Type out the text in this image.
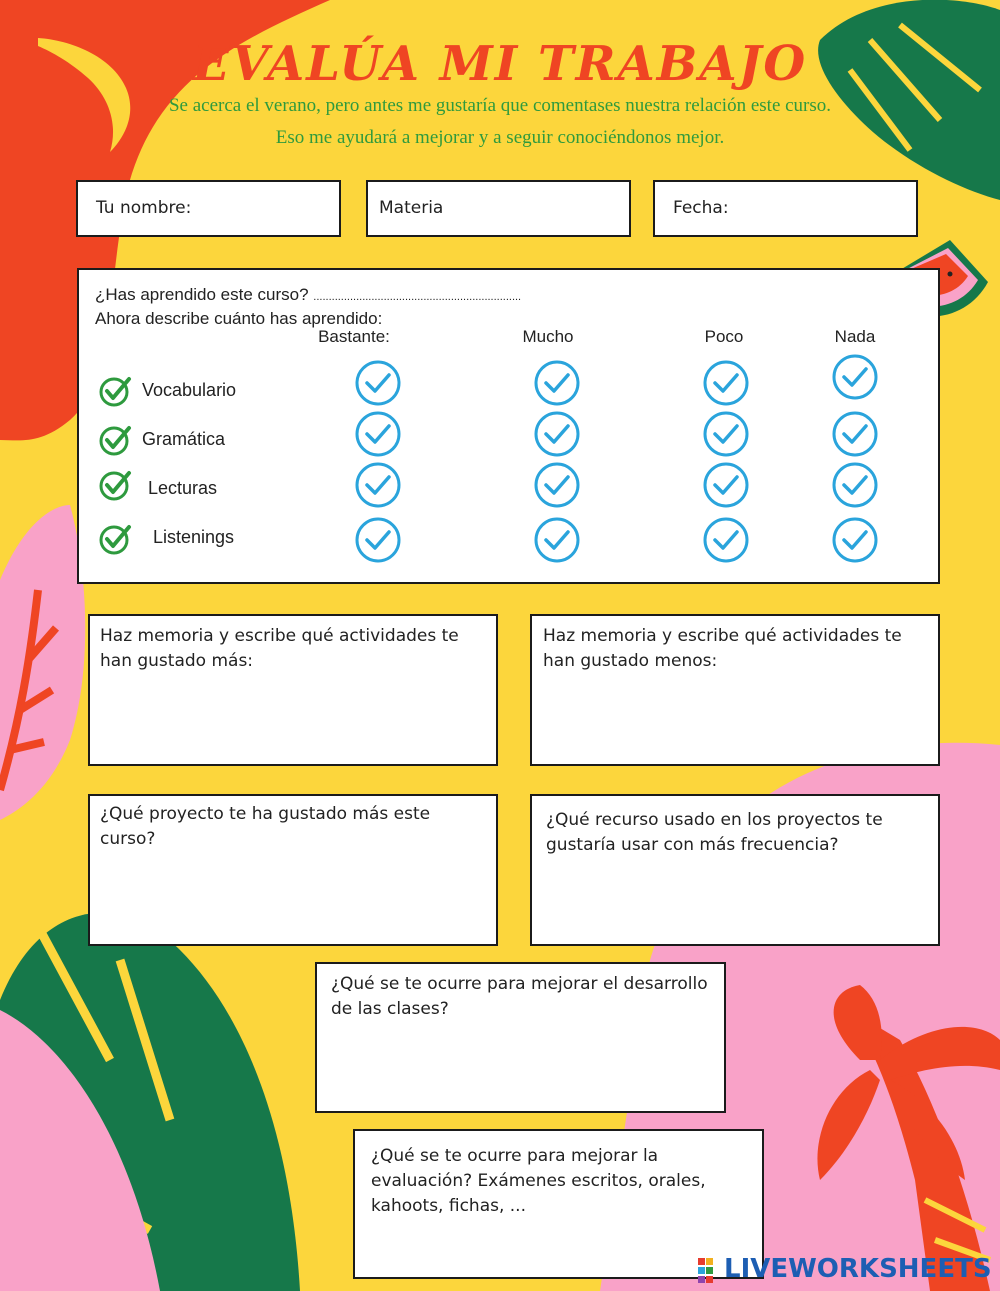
EVALÚA MI TRABAJO
Se acerca el verano, pero antes me gustaría que comentases nuestra relación este curso. Eso me ayudará a mejorar y a seguir conociéndonos mejor.
Tu nombre:	Materia	Fecha:
¿Has aprendido este curso? ....................................................................
Ahora describe cuánto has aprendido:
Bastante:	Mucho	Poco	Nada
Vocabulario
Gramática
Lecturas
Listenings
Haz memoria y escribe qué actividades te han gustado más:
Haz memoria y escribe qué actividades te han gustado menos:
¿Qué proyecto te ha gustado más este curso?
¿Qué recurso usado en los proyectos te gustaría usar con más frecuencia?
¿Qué se te ocurre para mejorar el desarrollo de las clases?
¿Qué se te ocurre para mejorar la evaluación? Exámenes escritos, orales, kahoots, fichas, ...
LIVEWORKSHEETS
